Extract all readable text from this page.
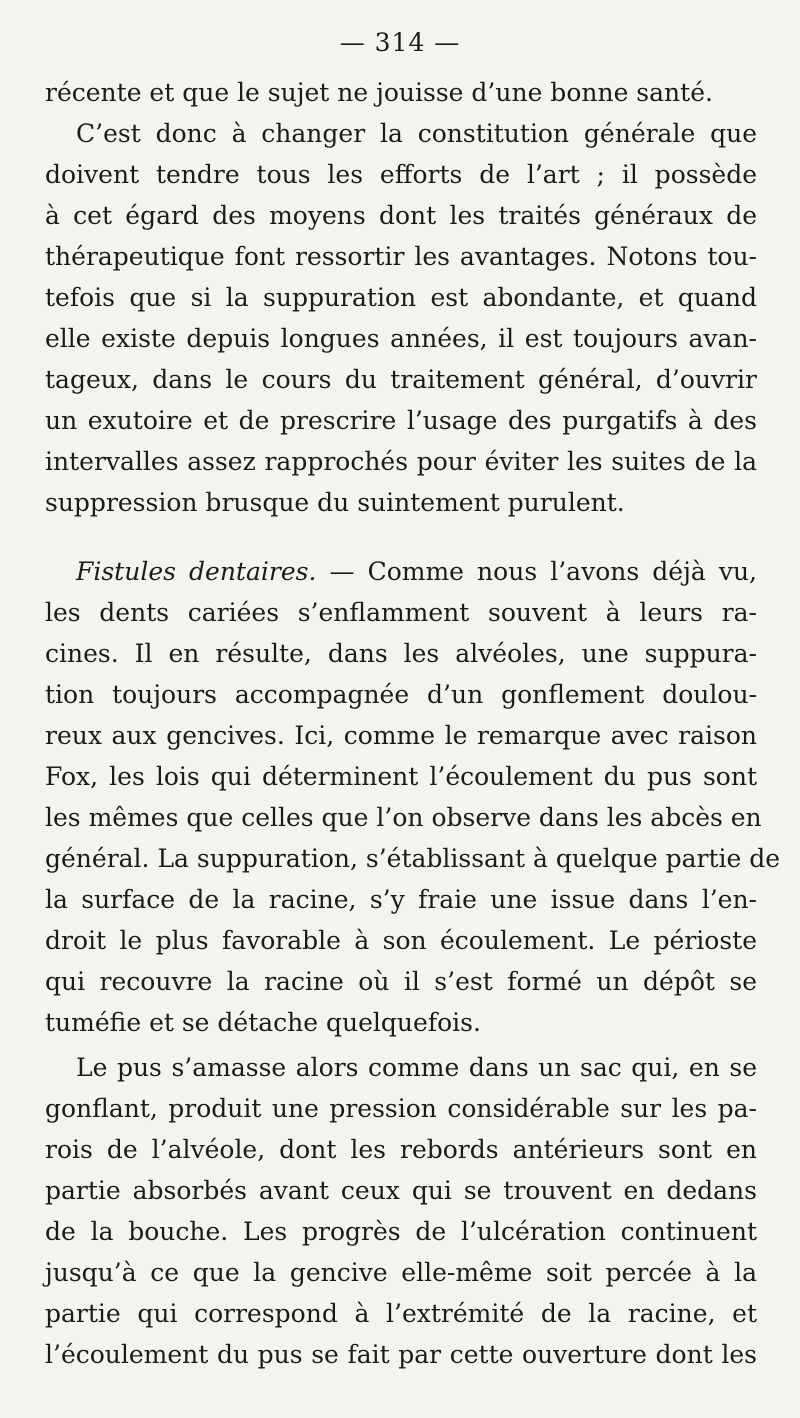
— 314 —
récente et que le sujet ne jouisse d’une bonne santé.
C’est donc à changer la constitution générale que
doivent tendre tous les efforts de l’art ; il possède
à cet égard des moyens dont les traités généraux de
thérapeutique font ressortir les avantages. Notons tou-
tefois que si la suppuration est abondante, et quand
elle existe depuis longues années, il est toujours avan-
tageux, dans le cours du traitement général, d’ouvrir
un exutoire et de prescrire l’usage des purgatifs à des
intervalles assez rapprochés pour éviter les suites de la
suppression brusque du suintement purulent.
Fistules dentaires. — Comme nous l’avons déjà vu,
les dents cariées s’enflamment souvent à leurs ra-
cines. Il en résulte, dans les alvéoles, une suppura-
tion toujours accompagnée d’un gonflement doulou-
reux aux gencives. Ici, comme le remarque avec raison
Fox, les lois qui déterminent l’écoulement du pus sont
les mêmes que celles que l’on observe dans les abcès en
général. La suppuration, s’établissant à quelque partie de
la surface de la racine, s’y fraie une issue dans l’en-
droit le plus favorable à son écoulement. Le périoste
qui recouvre la racine où il s’est formé un dépôt se
tuméfie et se détache quelquefois.
Le pus s’amasse alors comme dans un sac qui, en se
gonflant, produit une pression considérable sur les pa-
rois de l’alvéole, dont les rebords antérieurs sont en
partie absorbés avant ceux qui se trouvent en dedans
de la bouche. Les progrès de l’ulcération continuent
jusqu’à ce que la gencive elle-même soit percée à la
partie qui correspond à l’extrémité de la racine, et
l’écoulement du pus se fait par cette ouverture dont les
